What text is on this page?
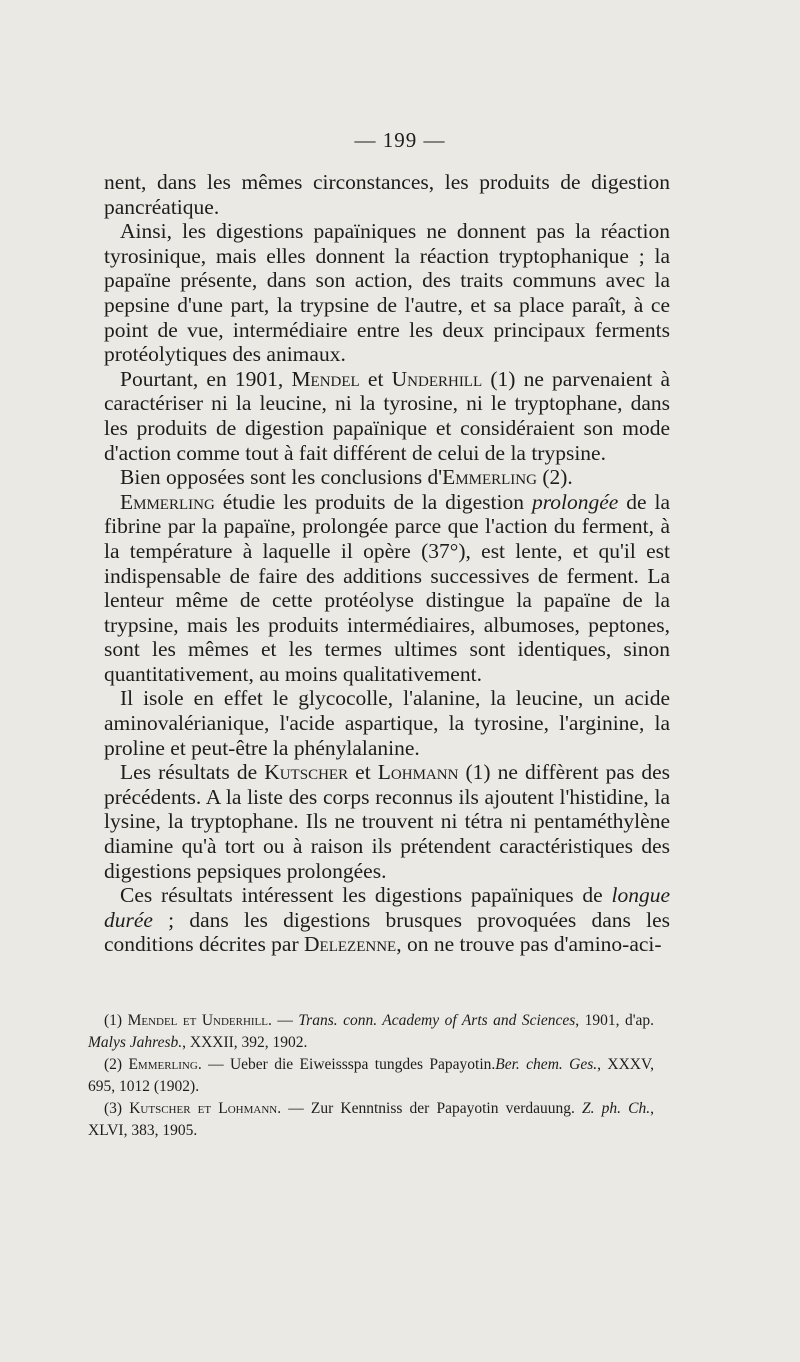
— 199 —

nent, dans les mêmes circonstances, les produits de digestion pancréatique.

Ainsi, les digestions papaïniques ne donnent pas la réaction tyrosinique, mais elles donnent la réaction tryptophanique ; la papaïne présente, dans son action, des traits communs avec la pepsine d'une part, la trypsine de l'autre, et sa place paraît, à ce point de vue, intermédiaire entre les deux principaux ferments protéolytiques des animaux.

Pourtant, en 1901, Mendel et Underhill (1) ne parvenaient à caractériser ni la leucine, ni la tyrosine, ni le tryptophane, dans les produits de digestion papaïnique et considéraient son mode d'action comme tout à fait différent de celui de la trypsine.

Bien opposées sont les conclusions d'Emmerling (2).

Emmerling étudie les produits de la digestion prolongée de la fibrine par la papaïne, prolongée parce que l'action du ferment, à la température à laquelle il opère (37°), est lente, et qu'il est indispensable de faire des additions successives de ferment. La lenteur même de cette protéolyse distingue la papaïne de la trypsine, mais les produits intermédiaires, albumoses, peptones, sont les mêmes et les termes ultimes sont identiques, sinon quantitativement, au moins qualitativement.

Il isole en effet le glycocolle, l'alanine, la leucine, un acide aminovalérianique, l'acide aspartique, la tyrosine, l'arginine, la proline et peut-être la phénylalanine.

Les résultats de Kutscher et Lohmann (1) ne diffèrent pas des précédents. A la liste des corps reconnus ils ajoutent l'histidine, la lysine, la tryptophane. Ils ne trouvent ni tétra ni pentaméthylène diamine qu'à tort ou à raison ils prétendent caractéristiques des digestions pepsiques prolongées.

Ces résultats intéressent les digestions papaïniques de longue durée ; dans les digestions brusques provoquées dans les conditions décrites par Delezenne, on ne trouve pas d'amino-aci-

(1) Mendel et Underhill. — Trans. conn. Academy of Arts and Sciences, 1901, d'ap. Malys Jahresb., XXXII, 392, 1902.

(2) Emmerling. — Ueber die Eiweissspa tungdes Papayotin.Ber. chem. Ges., XXXV, 695, 1012 (1902).

(3) Kutscher et Lohmann. — Zur Kenntniss der Papayotin verdauung. Z. ph. Ch., XLVI, 383, 1905.
